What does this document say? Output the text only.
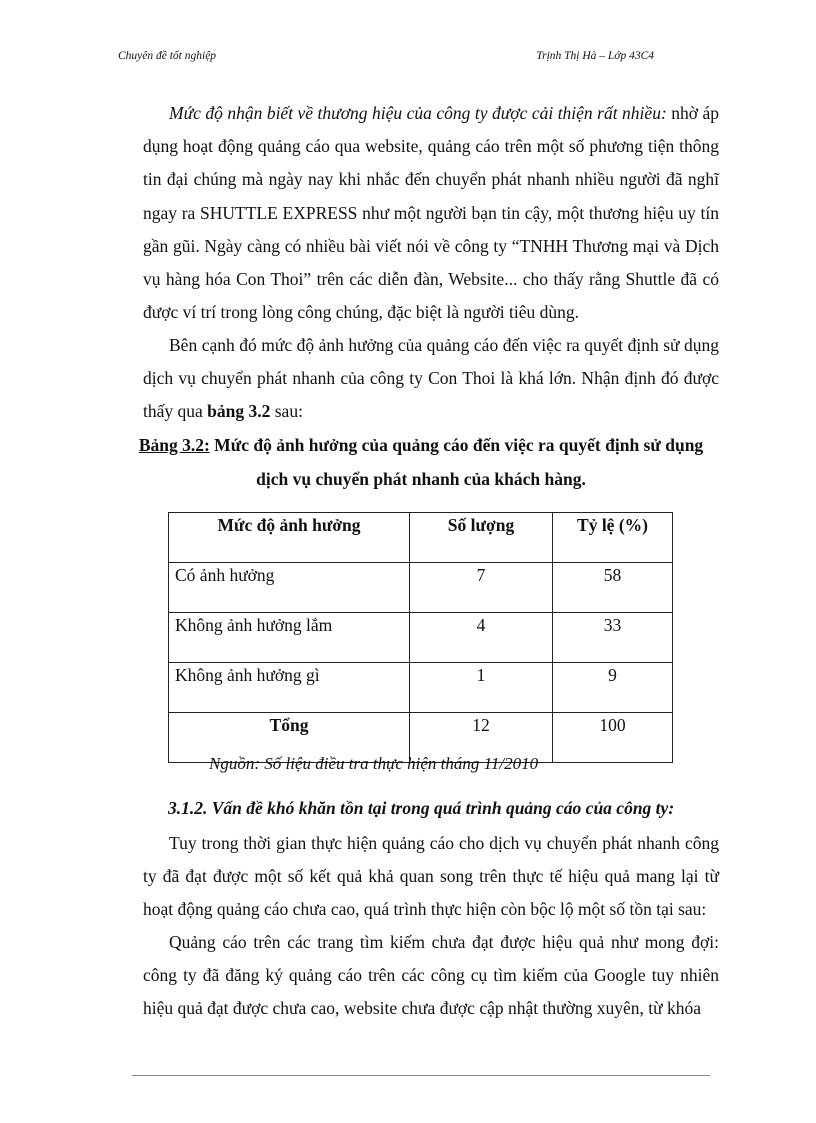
Chuyên đề tốt nghiệp	Trịnh Thị Hà – Lớp 43C4

Mức độ nhận biết về thương hiệu của công ty được cải thiện rất nhiều: nhờ áp dụng hoạt động quảng cáo qua website, quảng cáo trên một số phương tiện thông tin đại chúng mà ngày nay khi nhắc đến chuyển phát nhanh nhiều người đã nghĩ ngay ra SHUTTLE EXPRESS như một người bạn tin cậy, một thương hiệu uy tín gần gũi. Ngày càng có nhiều bài viết nói về công ty “TNHH Thương mại và Dịch vụ hàng hóa Con Thoi” trên các diễn đàn, Website... cho thấy rằng Shuttle đã có được ví trí trong lòng công chúng, đặc biệt là người tiêu dùng.

Bên cạnh đó mức độ ảnh hưởng của quảng cáo đến việc ra quyết định sử dụng dịch vụ chuyển phát nhanh của công ty Con Thoi là khá lớn. Nhận định đó được thấy qua bảng 3.2 sau:

Bảng 3.2: Mức độ ảnh hưởng của quảng cáo đến việc ra quyết định sử dụng dịch vụ chuyển phát nhanh của khách hàng.

Mức độ ảnh hưởng	Số lượng	Tỷ lệ (%)
Có ảnh hưởng	7	58
Không ảnh hưởng lắm	4	33
Không ảnh hưởng gì	1	9
Tổng	12	100

Nguồn: Số liệu điều tra thực hiện tháng 11/2010

3.1.2. Vấn đề khó khăn tồn tại trong quá trình quảng cáo của công ty:

Tuy trong thời gian thực hiện quảng cáo cho dịch vụ chuyển phát nhanh công ty đã đạt được một số kết quả khả quan song trên thực tế hiệu quả mang lại từ hoạt động quảng cáo chưa cao, quá trình thực hiện còn bộc lộ một số tồn tại sau:

Quảng cáo trên các trang tìm kiếm chưa đạt được hiệu quả như mong đợi: công ty đã đăng ký quảng cáo trên các công cụ tìm kiếm của Google tuy nhiên hiệu quả đạt được chưa cao, website chưa được cập nhật thường xuyên, từ khóa
